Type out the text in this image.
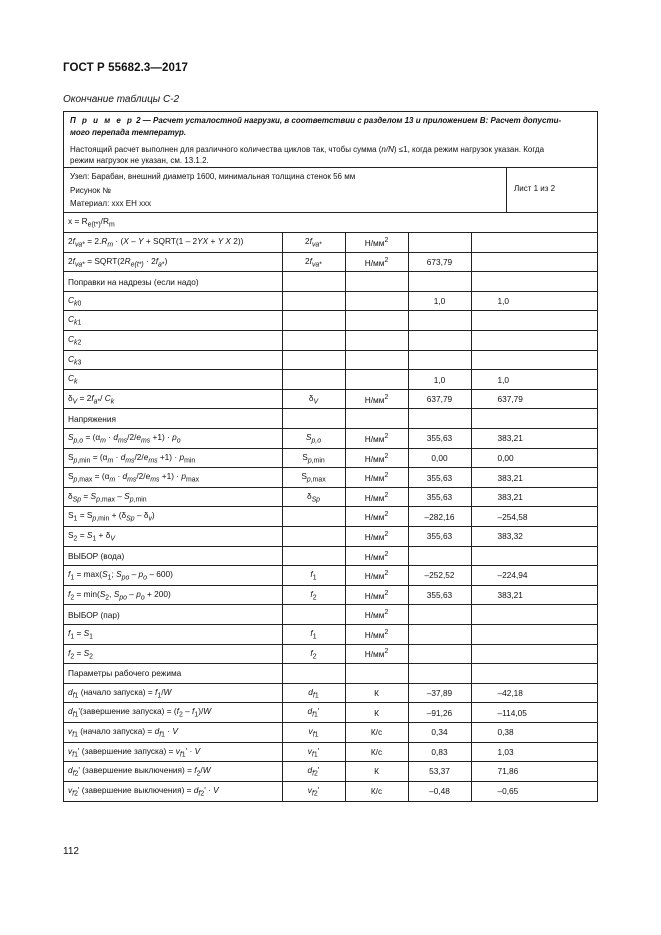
ГОСТ Р 55682.3—2017
Окончание таблицы С-2
П р и м е р 2 — Расчет усталостной нагрузки, в соответствии с разделом 13 и приложением В: Расчет допусти-
мого перепада температур.
Настоящий расчет выполнен для различного количества циклов так, чтобы сумма (n/N) ≤1, когда режим нагрузок указан. Когда
режим нагрузок не указан, см. 13.1.2.
Узел: Барабан, внешний диаметр 1600, минимальная толщина стенок 56 мм
Рисунок №
Материал: ххх ЕН ххх
Лист 1 из 2
$x = R_{e(t*)}/R_m$
$2f_{va*} = 2.R_m \cdot (X - Y$ + SQRT(1 – 2YX + Y X 2))	$2f_{va*}$	$Н/мм^2$		
$2f_{va*}$ = $SQRT(2R_{e(t*)} \cdot 2f_{a*})$	$2f_{va*}$	$Н/мм^2$	673,79	
Поправки на надрезы (если надо)				
$C_{k0}$			1,0	1,0
$C_{k1}$				
$C_{k2}$				
$C_{k3}$				
$C_k$			1,0	1,0
$\delta_V = 2f_{a*}/$ $C_k$	$\delta_V$	$Н/мм^2$	637,79	637,79
Напряжения				
$S_{p,o} = (\alpha_m \cdot d_{ms}/2/e_{ms} +1) \cdot p_o$	$S_{p,o}$	$Н/мм^2$	355,63	383,21
$S_{p,min} = (\alpha_m \cdot d_{ms}/2/e_{ms} +1) \cdot p_{min}$	$S_{p,min}$	$Н/мм^2$	0,00	0,00
$S_{p,max} = (\alpha_m \cdot d_{ms}/2/e_{ms} +1) \cdot p_{max}$	$S_{p,max}$	$Н/мм^2$	355,63	383,21
$\delta_{Sp} = S_{p,max} - S_{p,min}$	$\delta_{Sp}$	$Н/мм^2$	355,63	383,21
$S_1 = S_{p,min} + (\delta_{Sp} - \delta_v)$		$Н/мм^2$	–282,16	–254,58
$S_2 = S_1 + \delta_V$		$Н/мм^2$	355,63	383,32
ВЫБОР (вода)		$Н/мм^2$		
$f_1 = \max(S_1$; $S_{po} - p_o - 600$)	$f_1$	$Н/мм^2$	–252,52	–224,94
$f_2 = \min(S_2$, $S_{po} - p_o + 200$)	$f_2$	$Н/мм^2$	355,63	383,21
ВЫБОР (пар)		$Н/мм^2$		
$f_1 = S_1$	$f_1$	$Н/мм^2$		
$f_2 = S_2$	$f_2$	$Н/мм^2$		
Параметры рабочего режима				
$d_{f1}$ (начало запуска) = $f_1/W$	$d_{f1}$	К	–37,89	–42,18
$d_{f1}'(завершение$ запуска) = $(f_2 - f_1)/W$	$d_{f1}'$	К	–91,26	–114,05
$v_{f1}$ (начало запуска) = $d_{f1} \cdot V$	$v_{f1}$	К/с	0,34	0,38
$v_{f1}'$ (завершение запуска) = $v_{f1}' \cdot V$	$v_{f1}'$	К/с	0,83	1,03
$d_{f2}'$ (завершение выключения) = $f_2/W$	$d_{f2}'$	К	53,37	71,86
$v_{f2}'$ (завершение выключения) = $d_{f2}' \cdot V$	$v_{f2}'$	К/с	–0,48	–0,65
112
